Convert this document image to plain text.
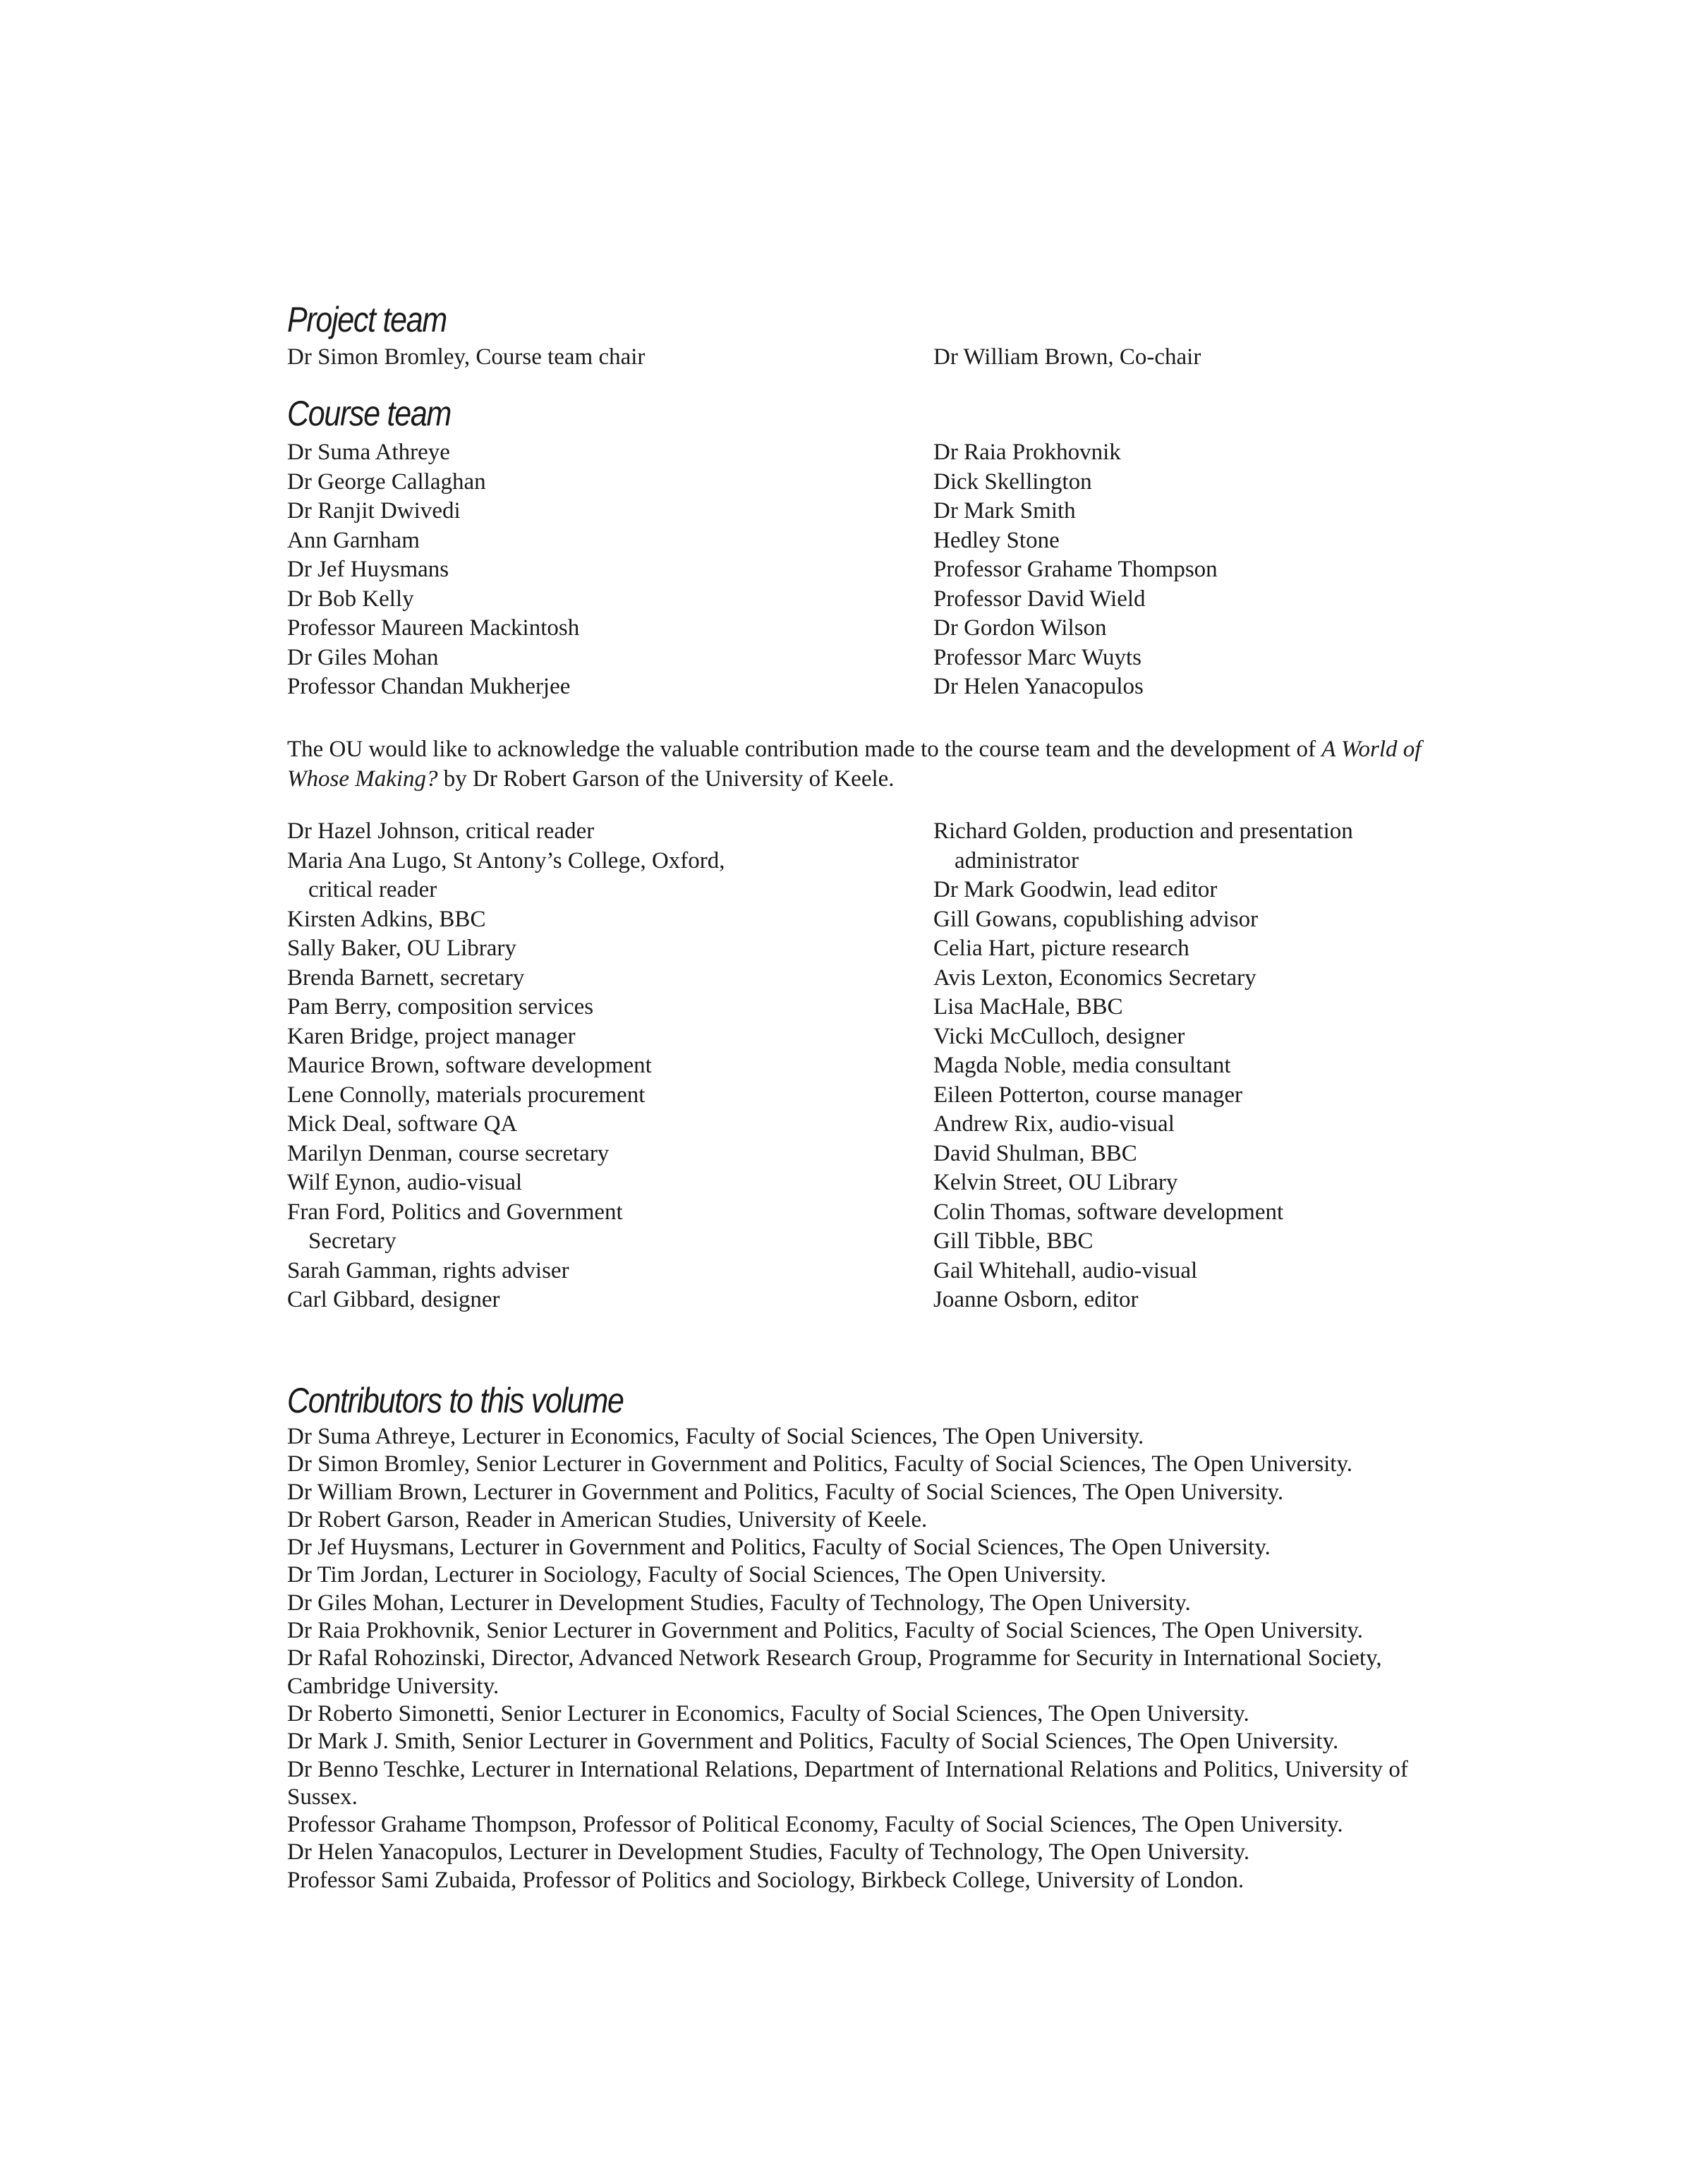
Project team
Dr Simon Bromley, Course team chair	Dr William Brown, Co-chair
Course team
Dr Suma Athreye
Dr George Callaghan
Dr Ranjit Dwivedi
Ann Garnham
Dr Jef Huysmans
Dr Bob Kelly
Professor Maureen Mackintosh
Dr Giles Mohan
Professor Chandan Mukherjee
Dr Raia Prokhovnik
Dick Skellington
Dr Mark Smith
Hedley Stone
Professor Grahame Thompson
Professor David Wield
Dr Gordon Wilson
Professor Marc Wuyts
Dr Helen Yanacopulos

The OU would like to acknowledge the valuable contribution made to the course team and the development of A World of Whose Making? by Dr Robert Garson of the University of Keele.

Dr Hazel Johnson, critical reader
Maria Ana Lugo, St Antony’s College, Oxford,
critical reader
Kirsten Adkins, BBC
Sally Baker, OU Library
Brenda Barnett, secretary
Pam Berry, composition services
Karen Bridge, project manager
Maurice Brown, software development
Lene Connolly, materials procurement
Mick Deal, software QA
Marilyn Denman, course secretary
Wilf Eynon, audio-visual
Fran Ford, Politics and Government
Secretary
Sarah Gamman, rights adviser
Carl Gibbard, designer
Richard Golden, production and presentation
administrator
Dr Mark Goodwin, lead editor
Gill Gowans, copublishing advisor
Celia Hart, picture research
Avis Lexton, Economics Secretary
Lisa MacHale, BBC
Vicki McCulloch, designer
Magda Noble, media consultant
Eileen Potterton, course manager
Andrew Rix, audio-visual
David Shulman, BBC
Kelvin Street, OU Library
Colin Thomas, software development
Gill Tibble, BBC
Gail Whitehall, audio-visual
Joanne Osborn, editor
Contributors to this volume
Dr Suma Athreye, Lecturer in Economics, Faculty of Social Sciences, The Open University.
Dr Simon Bromley, Senior Lecturer in Government and Politics, Faculty of Social Sciences, The Open University.
Dr William Brown, Lecturer in Government and Politics, Faculty of Social Sciences, The Open University.
Dr Robert Garson, Reader in American Studies, University of Keele.
Dr Jef Huysmans, Lecturer in Government and Politics, Faculty of Social Sciences, The Open University.
Dr Tim Jordan, Lecturer in Sociology, Faculty of Social Sciences, The Open University.
Dr Giles Mohan, Lecturer in Development Studies, Faculty of Technology, The Open University.
Dr Raia Prokhovnik, Senior Lecturer in Government and Politics, Faculty of Social Sciences, The Open University.
Dr Rafal Rohozinski, Director, Advanced Network Research Group, Programme for Security in International Society,
Cambridge University.
Dr Roberto Simonetti, Senior Lecturer in Economics, Faculty of Social Sciences, The Open University.
Dr Mark J. Smith, Senior Lecturer in Government and Politics, Faculty of Social Sciences, The Open University.
Dr Benno Teschke, Lecturer in International Relations, Department of International Relations and Politics, University of
Sussex.
Professor Grahame Thompson, Professor of Political Economy, Faculty of Social Sciences, The Open University.
Dr Helen Yanacopulos, Lecturer in Development Studies, Faculty of Technology, The Open University.
Professor Sami Zubaida, Professor of Politics and Sociology, Birkbeck College, University of London.
